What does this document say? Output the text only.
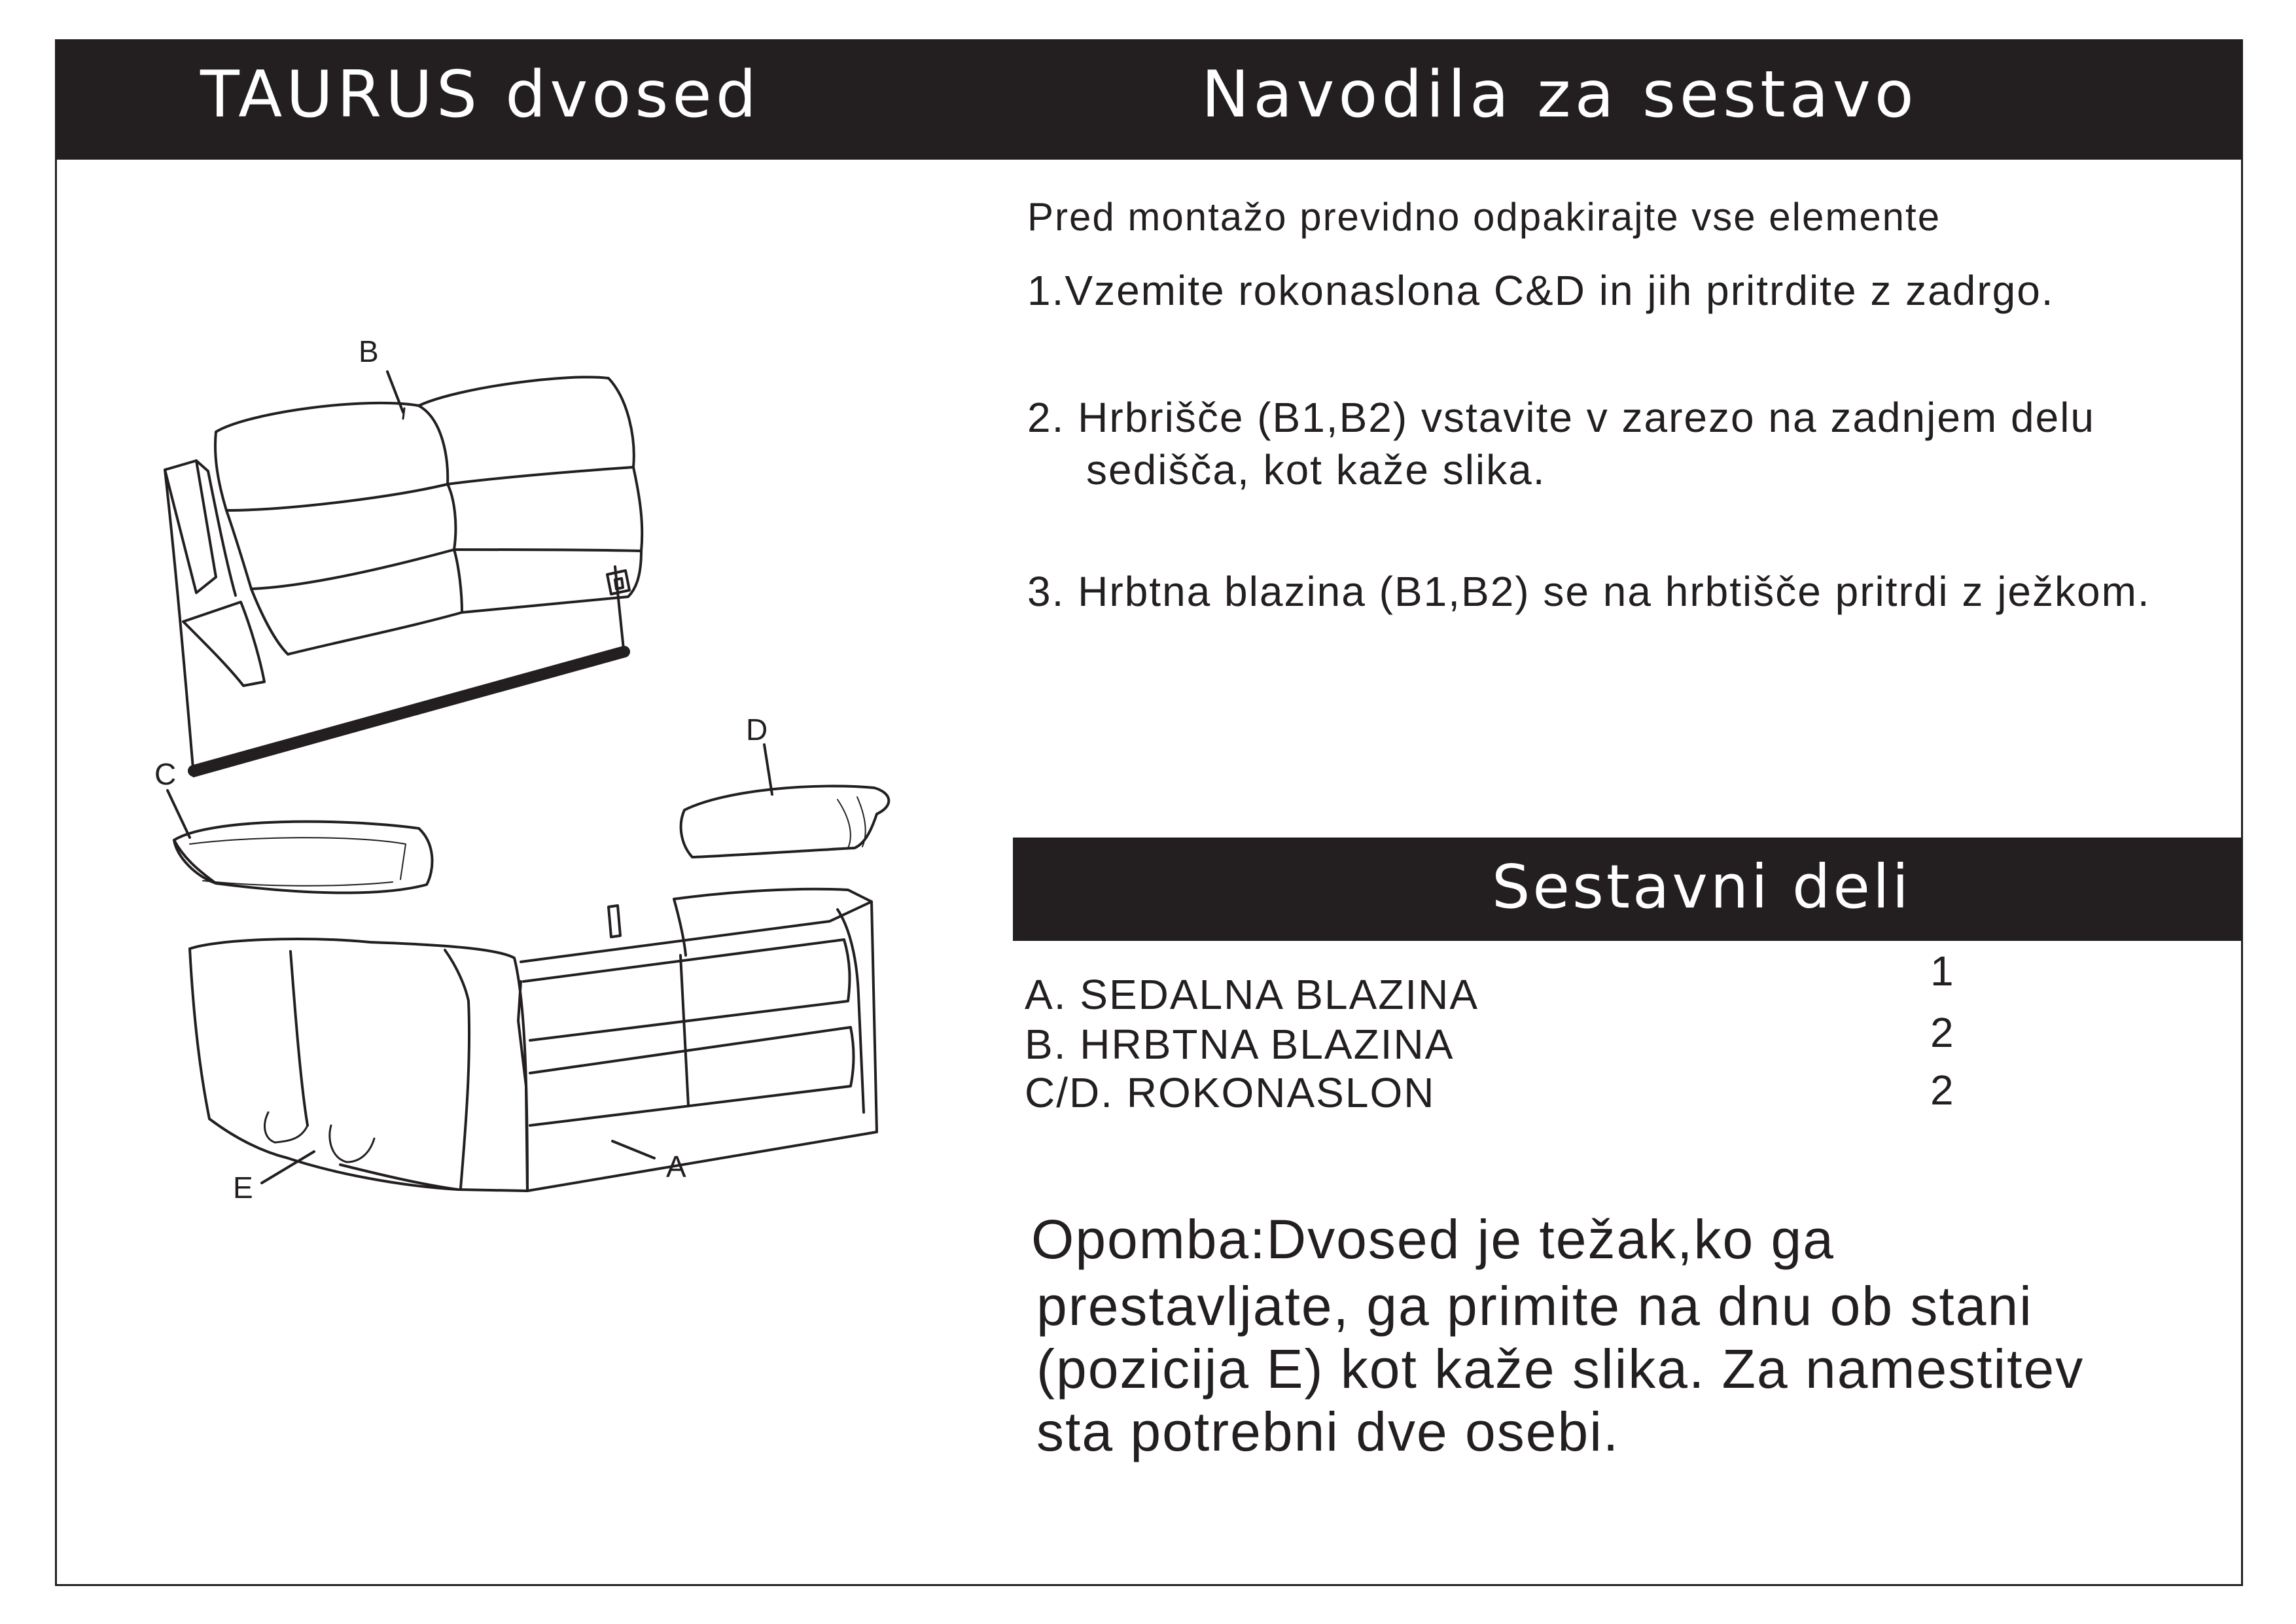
TAURUS dvosed	Navodila za sestavo
Pred montažo previdno odpakirajte vse elemente
1.Vzemite rokonaslona C&D in jih pritrdite z zadrgo.
2. Hrbrišče (B1,B2) vstavite v zarezo na zadnjem delu
sedišča, kot kaže slika.
3. Hrbtna blazina (B1,B2) se na hrbtišče pritrdi z ježkom.
Sestavni deli
A. SEDALNA BLAZINA	1
B. HRBTNA BLAZINA	2
C/D. ROKONASLON	2
Opomba:Dvosed je težak,ko ga
prestavljate, ga primite na dnu ob stani
(pozicija E) kot kaže slika. Za namestitev
sta potrebni dve osebi.
B
C
D
A
E
